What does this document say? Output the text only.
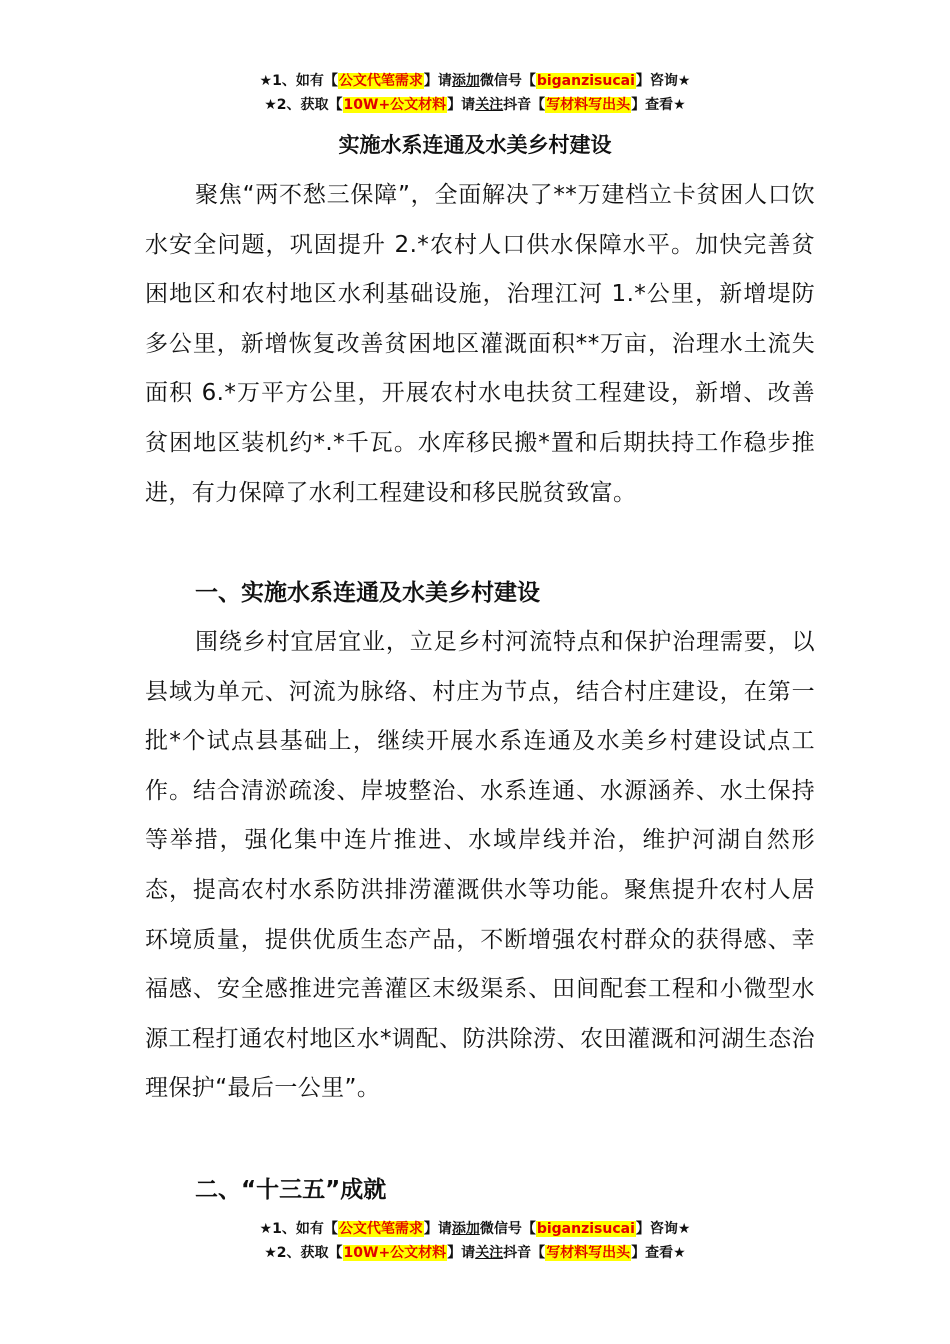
★1、如有【公文代笔需求】请添加微信号【biganzisucai】咨询★
★2、获取【10W+公文材料】请关注抖音【写材料写出头】查看★
实施水系连通及水美乡村建设

聚焦“两不愁三保障”，全面解决了**万建档立卡贫困人口饮水安全问题，巩固提升 2.*农村人口供水保障水平。加快完善贫困地区和农村地区水利基础设施，治理江河 1.*公里，新增堤防多公里，新增恢复改善贫困地区灌溉面积**万亩，治理水土流失面积 6.*万平方公里，开展农村水电扶贫工程建设，新增、改善贫困地区装机约*.*千瓦。水库移民搬*置和后期扶持工作稳步推进，有力保障了水利工程建设和移民脱贫致富。

一、实施水系连通及水美乡村建设

围绕乡村宜居宜业，立足乡村河流特点和保护治理需要，以县域为单元、河流为脉络、村庄为节点，结合村庄建设，在第一批*个试点县基础上，继续开展水系连通及水美乡村建设试点工作。结合清淤疏浚、岸坡整治、水系连通、水源涵养、水土保持等举措，强化集中连片推进、水域岸线并治，维护河湖自然形态，提高农村水系防洪排涝灌溉供水等功能。聚焦提升农村人居环境质量，提供优质生态产品，不断增强农村群众的获得感、幸福感、安全感推进完善灌区末级渠系、田间配套工程和小微型水源工程打通农村地区水*调配、防洪除涝、农田灌溉和河湖生态治理保护“最后一公里”。

二、“十三五”成就
★1、如有【公文代笔需求】请添加微信号【biganzisucai】咨询★
★2、获取【10W+公文材料】请关注抖音【写材料写出头】查看★
